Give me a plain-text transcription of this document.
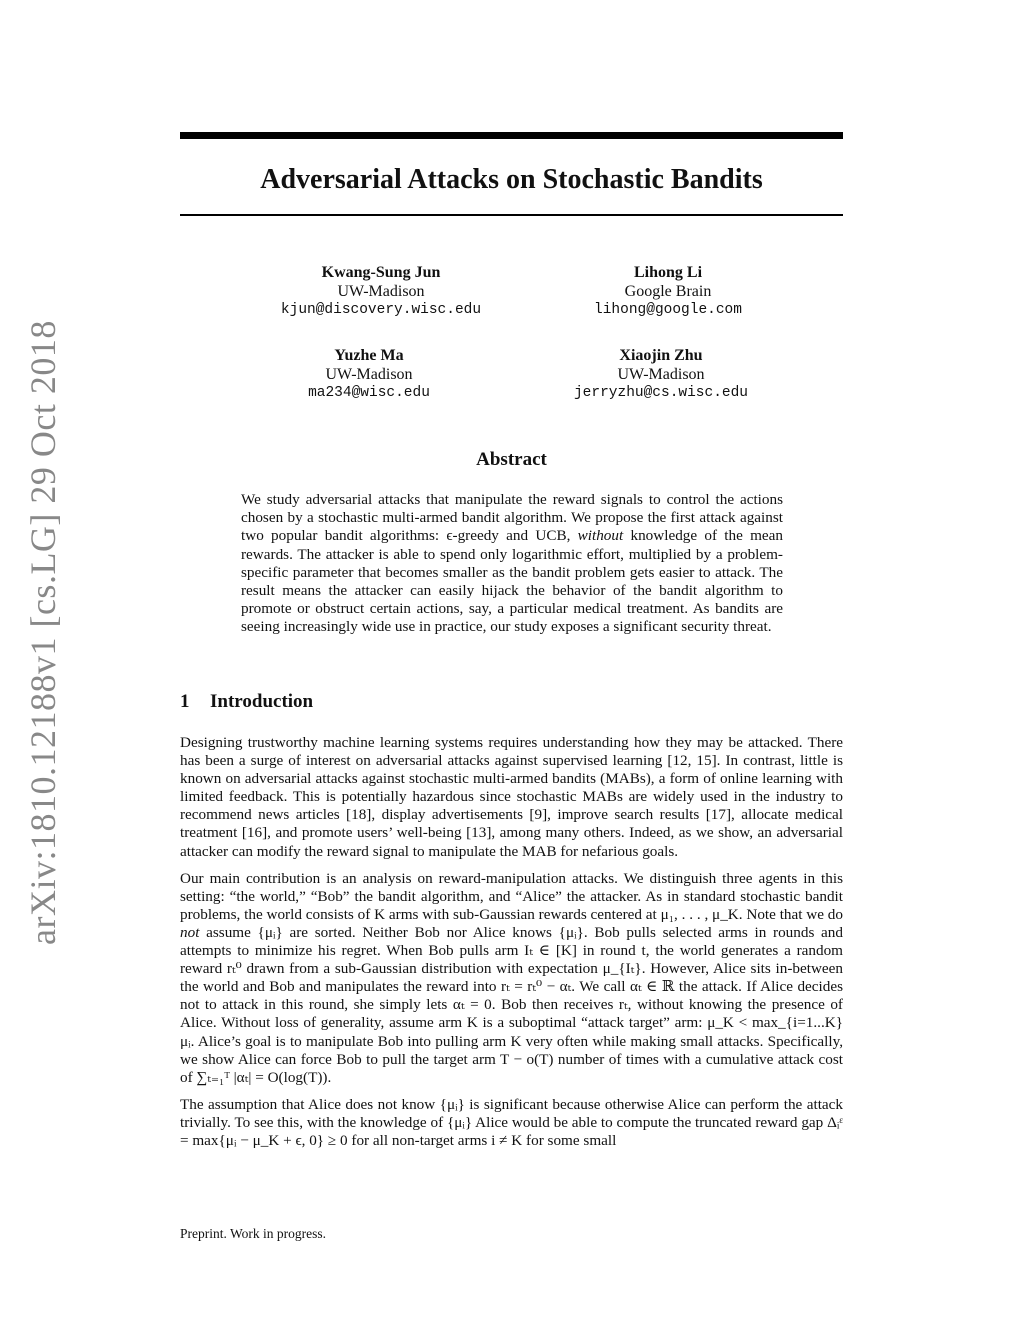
arXiv:1810.12188v1 [cs.LG] 29 Oct 2018
Adversarial Attacks on Stochastic Bandits
Kwang-Sung Jun
UW-Madison
kjun@discovery.wisc.edu
Lihong Li
Google Brain
lihong@google.com
Yuzhe Ma
UW-Madison
ma234@wisc.edu
Xiaojin Zhu
UW-Madison
jerryzhu@cs.wisc.edu
Abstract
We study adversarial attacks that manipulate the reward signals to control the actions chosen by a stochastic multi-armed bandit algorithm. We propose the first attack against two popular bandit algorithms: ϵ-greedy and UCB, without knowledge of the mean rewards. The attacker is able to spend only logarithmic effort, multiplied by a problem-specific parameter that becomes smaller as the bandit problem gets easier to attack. The result means the attacker can easily hijack the behavior of the bandit algorithm to promote or obstruct certain actions, say, a particular medical treatment. As bandits are seeing increasingly wide use in practice, our study exposes a significant security threat.
1 Introduction

Designing trustworthy machine learning systems requires understanding how they may be attacked. There has been a surge of interest on adversarial attacks against supervised learning [12, 15]. In contrast, little is known on adversarial attacks against stochastic multi-armed bandits (MABs), a form of online learning with limited feedback. This is potentially hazardous since stochastic MABs are widely used in the industry to recommend news articles [18], display advertisements [9], improve search results [17], allocate medical treatment [16], and promote users’ well-being [13], among many others. Indeed, as we show, an adversarial attacker can modify the reward signal to manipulate the MAB for nefarious goals.

Our main contribution is an analysis on reward-manipulation attacks. We distinguish three agents in this setting: “the world,” “Bob” the bandit algorithm, and “Alice” the attacker. As in standard stochastic bandit problems, the world consists of K arms with sub-Gaussian rewards centered at μ₁, . . . , μ_K. Note that we do not assume {μᵢ} are sorted. Neither Bob nor Alice knows {μᵢ}. Bob pulls selected arms in rounds and attempts to minimize his regret. When Bob pulls arm Iₜ ∈ [K] in round t, the world generates a random reward rₜ⁰ drawn from a sub-Gaussian distribution with expectation μ_{Iₜ}. However, Alice sits in-between the world and Bob and manipulates the reward into rₜ = rₜ⁰ − αₜ. We call αₜ ∈ ℝ the attack. If Alice decides not to attack in this round, she simply lets αₜ = 0. Bob then receives rₜ, without knowing the presence of Alice. Without loss of generality, assume arm K is a suboptimal “attack target” arm: μ_K < max_{i=1...K} μᵢ. Alice’s goal is to manipulate Bob into pulling arm K very often while making small attacks. Specifically, we show Alice can force Bob to pull the target arm T − o(T) number of times with a cumulative attack cost of ∑ₜ₌₁ᵀ |αₜ| = O(log(T)).

The assumption that Alice does not know {μᵢ} is significant because otherwise Alice can perform the attack trivially. To see this, with the knowledge of {μᵢ} Alice would be able to compute the truncated reward gap Δᵢᵋ = max{μᵢ − μ_K + ϵ, 0} ≥ 0 for all non-target arms i ≠ K for some small

Preprint. Work in progress.
